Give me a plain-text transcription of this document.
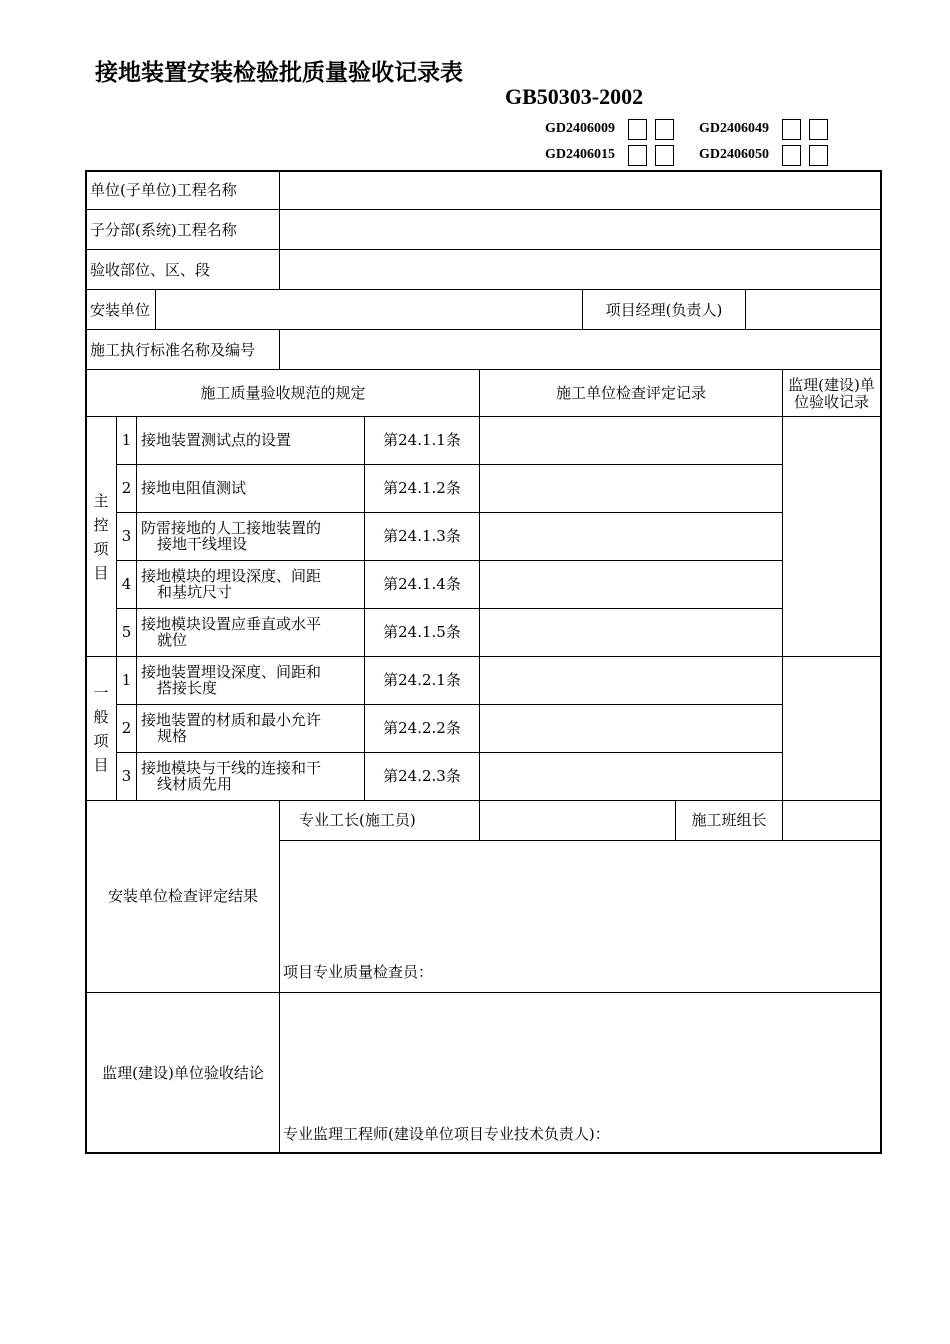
接地装置安装检验批质量验收记录表
GB50303-2002
GD2406009	GD2406049
GD2406015	GD2406050
单位(子单位)工程名称
子分部(系统)工程名称
验收部位、区、段
安装单位	项目经理(负责人)
施工执行标准名称及编号
施工质量验收规范的规定	施工单位检查评定记录	监理(建设)单
位验收记录
主
控
项
目
1 接地装置测试点的设置	第24.1.1条
2 接地电阻值测试	第24.1.2条
3 防雷接地的人工接地装置的
接地干线埋设	第24.1.3条
4 接地模块的埋设深度、间距
和基坑尺寸	第24.1.4条
5 接地模块设置应垂直或水平
就位	第24.1.5条
一
般
项
目
1 接地装置埋设深度、间距和
搭接长度	第24.2.1条
2 接地装置的材质和最小允许
规格	第24.2.2条
3 接地模块与干线的连接和干
线材质先用	第24.2.3条
专业工长(施工员)	施工班组长
安装单位检查评定结果
项目专业质量检查员：
监理(建设)单位验收结论
专业监理工程师(建设单位项目专业技术负责人)：
